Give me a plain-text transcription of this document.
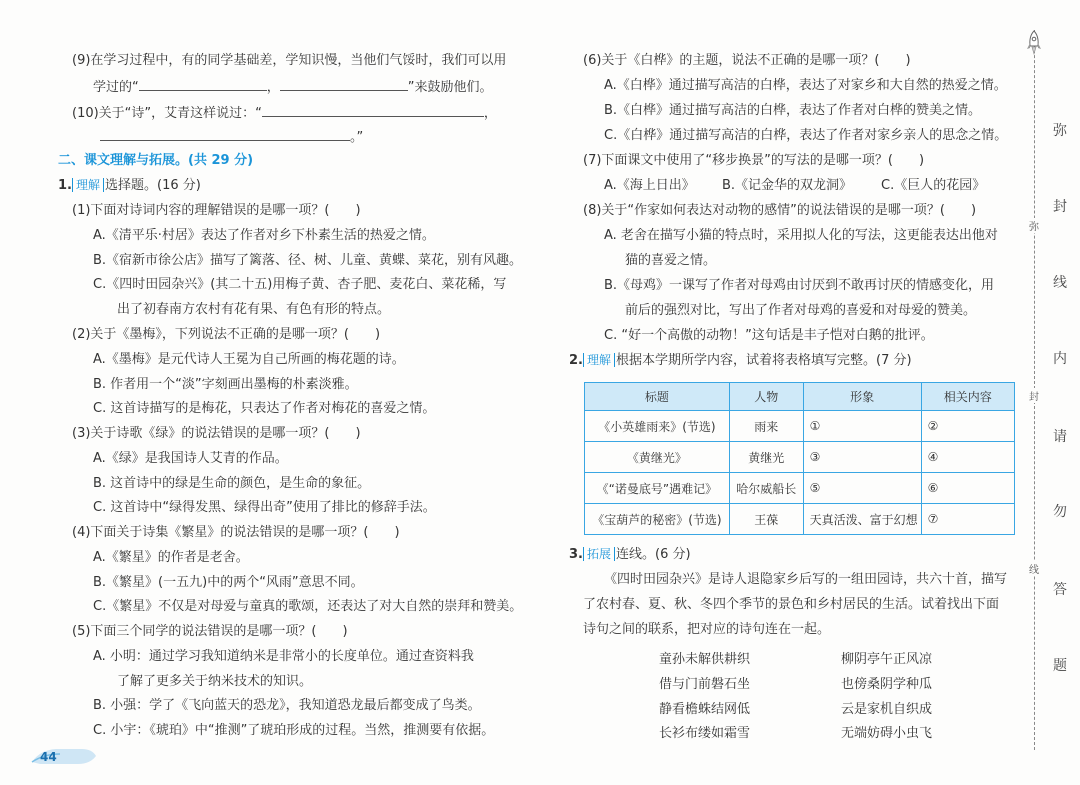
(9)在学习过程中，有的同学基础差，学知识慢，当他们气馁时，我们可以用
学过的“	，	”来鼓励他们。
(10)关于“诗”，艾青这样说过：“	，
。”
二、课文理解与拓展。(共 29 分)
1. 理解 选择题。(16 分)
(1)下面对诗词内容的理解错误的是哪一项？(　　)
A.《清平乐·村居》表达了作者对乡下朴素生活的热爱之情。
B.《宿新市徐公店》描写了篱落、径、树、儿童、黄蝶、菜花，别有风趣。
C.《四时田园杂兴》(其二十五)用梅子黄、杏子肥、麦花白、菜花稀，写
出了初春南方农村有花有果、有色有形的特点。
(2)关于《墨梅》，下列说法不正确的是哪一项？(　　)
A.《墨梅》是元代诗人王冕为自己所画的梅花题的诗。
B. 作者用一个“淡”字刻画出墨梅的朴素淡雅。
C. 这首诗描写的是梅花，只表达了作者对梅花的喜爱之情。
(3)关于诗歌《绿》的说法错误的是哪一项？(　　)
A.《绿》是我国诗人艾青的作品。
B. 这首诗中的绿是生命的颜色，是生命的象征。
C. 这首诗中“绿得发黑、绿得出奇”使用了排比的修辞手法。
(4)下面关于诗集《繁星》的说法错误的是哪一项？(　　)
A.《繁星》的作者是老舍。
B.《繁星》(一五九)中的两个“风雨”意思不同。
C.《繁星》不仅是对母爱与童真的歌颂，还表达了对大自然的崇拜和赞美。
(5)下面三个同学的说法错误的是哪一项？(　　)
A. 小明：通过学习我知道纳米是非常小的长度单位。通过查资料我
了解了更多关于纳米技术的知识。
B. 小强：学了《飞向蓝天的恐龙》，我知道恐龙最后都变成了鸟类。
C. 小宇：《琥珀》中“推测”了琥珀形成的过程。当然，推测要有依据。
44
(6)关于《白桦》的主题，说法不正确的是哪一项？(　　)
A.《白桦》通过描写高洁的白桦，表达了对家乡和大自然的热爱之情。
B.《白桦》通过描写高洁的白桦，表达了作者对白桦的赞美之情。
C.《白桦》通过描写高洁的白桦，表达了作者对家乡亲人的思念之情。
(7)下面课文中使用了“移步换景”的写法的是哪一项？(　　)
A.《海上日出》 B.《记金华的双龙洞》 C.《巨人的花园》
(8)关于“作家如何表达对动物的感情”的说法错误的是哪一项？(　　)
A. 老舍在描写小猫的特点时，采用拟人化的写法，这更能表达出他对
猫的喜爱之情。
B.《母鸡》一课写了作者对母鸡由讨厌到不敢再讨厌的情感变化，用
前后的强烈对比，写出了作者对母鸡的喜爱和对母爱的赞美。
C. “好一个高傲的动物！”这句话是丰子恺对白鹅的批评。
2. 理解 根据本学期所学内容，试着将表格填写完整。(7 分)
标题	人物	形象	相关内容
《小英雄雨来》(节选)	雨来	①	②
《黄继光》	黄继光	③	④
《“诺曼底号”遇难记》	哈尔威船长	⑤	⑥
《宝葫芦的秘密》(节选)	王葆	天真活泼、富于幻想	⑦
3. 拓展 连线。(6 分)
《四时田园杂兴》是诗人退隐家乡后写的一组田园诗，共六十首，描写
了农村春、夏、秋、冬四个季节的景色和乡村居民的生活。试着找出下面
诗句之间的联系，把对应的诗句连在一起。
童孙未解供耕织
借与门前磐石坐
静看檐蛛结网低
长衫布缕如霜雪
柳阴亭午正风凉
也傍桑阴学种瓜
云是家机自织成
无端妨碍小虫飞
弥
封
线
内
请
勿
答
题
弥
封
线
